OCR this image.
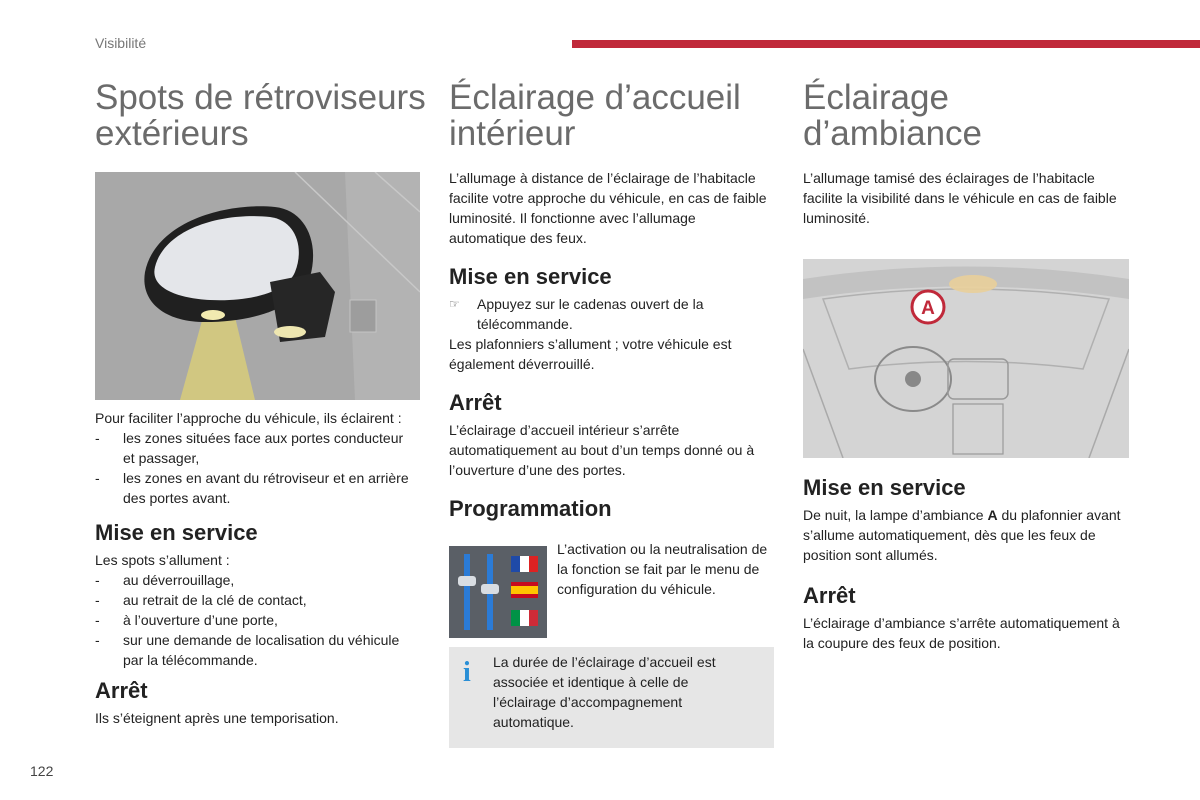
Visibilité
122
Spots de rétroviseurs extérieurs

Pour faciliter l’approche du véhicule, ils éclairent :

- les zones situées face aux portes conducteur et passager,
- les zones en avant du rétroviseur et en arrière des portes avant.
Mise en service

Les spots s’allument :

- au déverrouillage,
- au retrait de la clé de contact,
- à l’ouverture d’une porte,
- sur une demande de localisation du véhicule par la télécommande.
Arrêt

Ils s’éteignent après une temporisation.

Éclairage d’accueil intérieur

L’allumage à distance de l’éclairage de l’habitacle facilite votre approche du véhicule, en cas de faible luminosité. Il fonctionne avec l’allumage automatique des feux.

Mise en service
☞ Appuyez sur le cadenas ouvert de la télécommande.

Les plafonniers s’allument ; votre véhicule est également déverrouillé.

Arrêt

L’éclairage d’accueil intérieur s’arrête automatiquement au bout d’un temps donné ou à l’ouverture d’une des portes.

Programmation

L’activation ou la neutralisation de la fonction se fait par le menu de configuration du véhicule.

i La durée de l’éclairage d’accueil est associée et identique à celle de l’éclairage d’accompagnement automatique.

Éclairage d’ambiance

L’allumage tamisé des éclairages de l’habitacle facilite la visibilité dans le véhicule en cas de faible luminosité.

A
Mise en service

De nuit, la lampe d’ambiance A du plafonnier avant s’allume automatiquement, dès que les feux de position sont allumés.

Arrêt

L’éclairage d’ambiance s’arrête automatiquement à la coupure des feux de position.
